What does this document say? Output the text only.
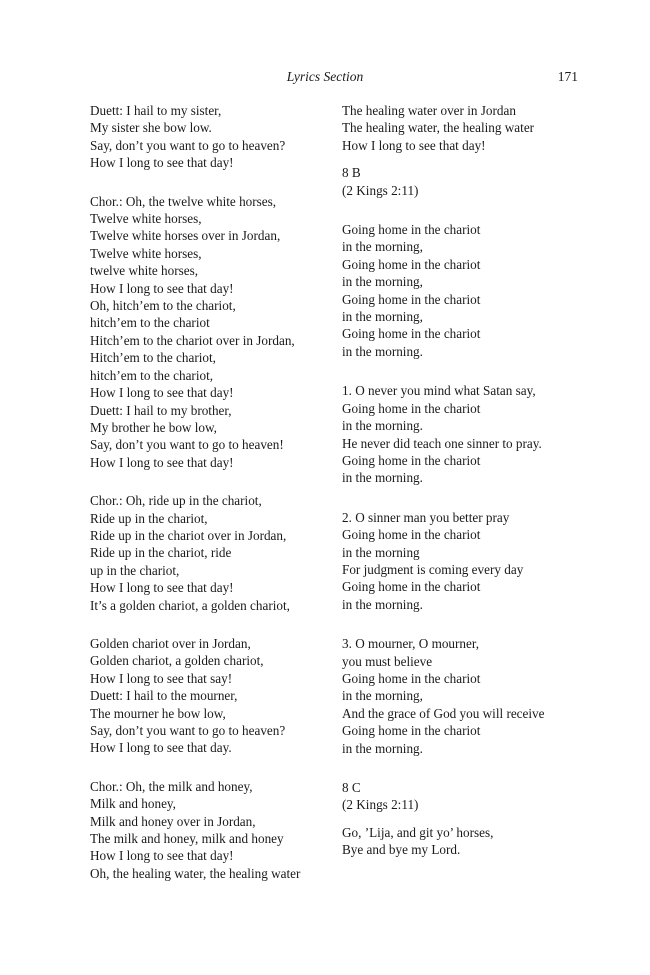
Lyrics Section	171
Duett: I hail to my sister,
My sister she bow low.
Say, don’t you want to go to heaven?
How I long to see that day!
Chor.: Oh, the twelve white horses,
Twelve white horses,
Twelve white horses over in Jordan,
Twelve white horses,
twelve white horses,
How I long to see that day!
Oh, hitch’em to the chariot,
hitch’em to the chariot
Hitch’em to the chariot over in Jordan,
Hitch’em to the chariot,
hitch’em to the chariot,
How I long to see that day!
Duett: I hail to my brother,
My brother he bow low,
Say, don’t you want to go to heaven!
How I long to see that day!
Chor.: Oh, ride up in the chariot,
Ride up in the chariot,
Ride up in the chariot over in Jordan,
Ride up in the chariot, ride
up in the chariot,
How I long to see that day!
It’s a golden chariot, a golden chariot,
Golden chariot over in Jordan,
Golden chariot, a golden chariot,
How I long to see that say!
Duett: I hail to the mourner,
The mourner he bow low,
Say, don’t you want to go to heaven?
How I long to see that day.
Chor.: Oh, the milk and honey,
Milk and honey,
Milk and honey over in Jordan,
The milk and honey, milk and honey
How I long to see that day!
Oh, the healing water, the healing water
The healing water over in Jordan
The healing water, the healing water
How I long to see that day!
8 B
(2 Kings 2:11)
Going home in the chariot
in the morning,
Going home in the chariot
in the morning,
Going home in the chariot
in the morning,
Going home in the chariot
in the morning.
1. O never you mind what Satan say,
Going home in the chariot
in the morning.
He never did teach one sinner to pray.
Going home in the chariot
in the morning.
2. O sinner man you better pray
Going home in the chariot
in the morning
For judgment is coming every day
Going home in the chariot
in the morning.
3. O mourner, O mourner,
you must believe
Going home in the chariot
in the morning,
And the grace of God you will receive
Going home in the chariot
in the morning.
8 C
(2 Kings 2:11)
Go, ’Lija, and git yo’ horses,
Bye and bye my Lord.
